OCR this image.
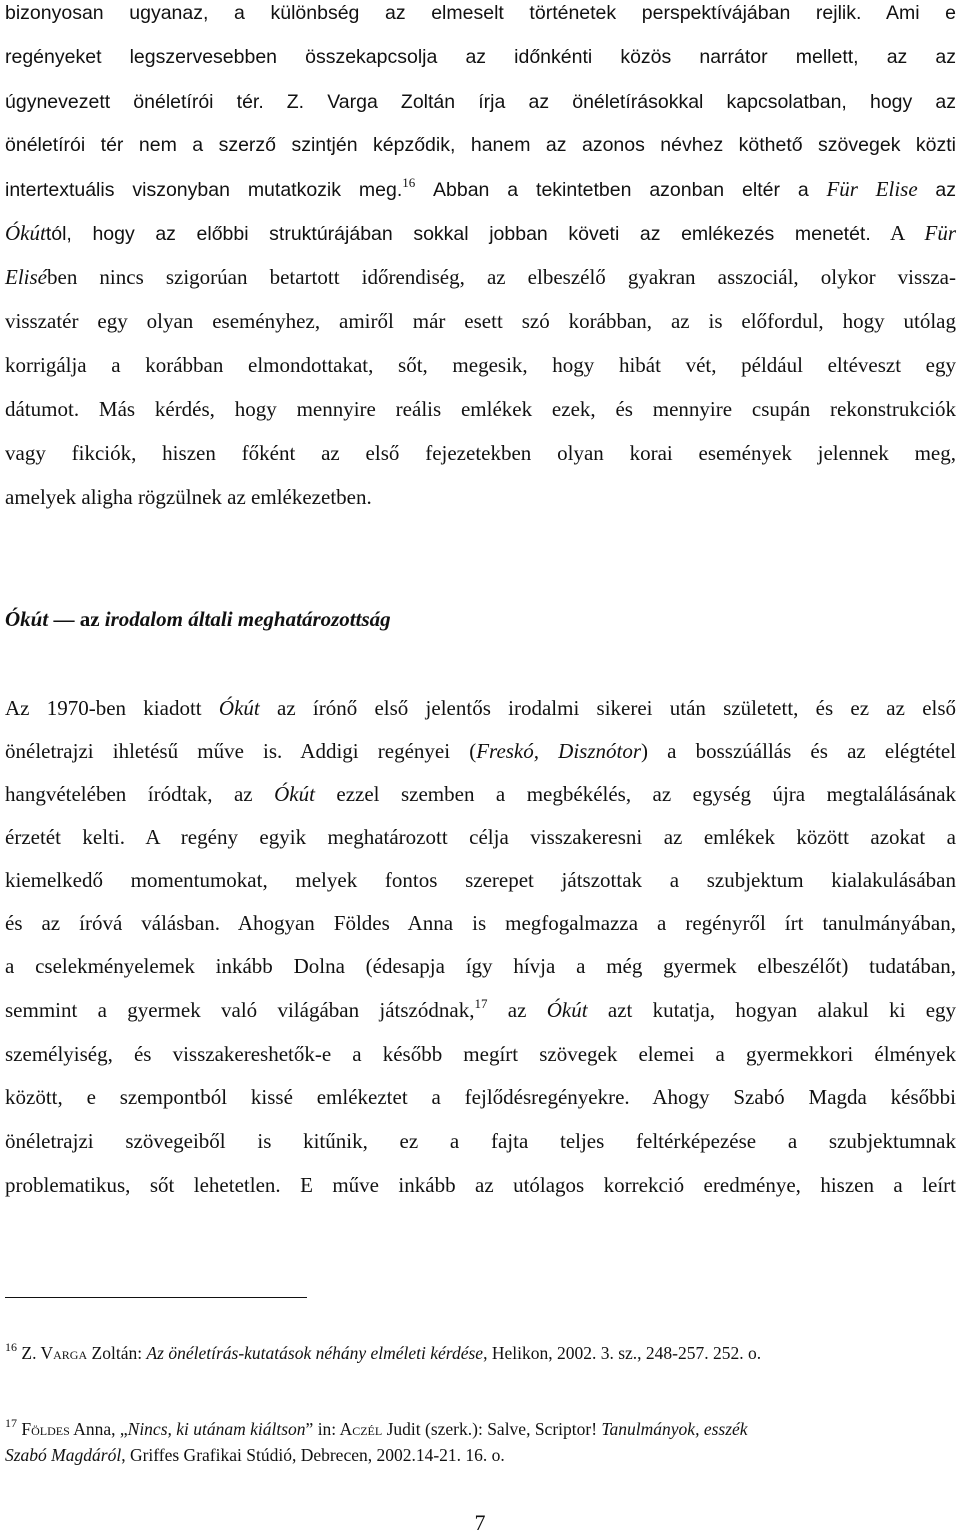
bizonyosan ugyanaz, a különbség az elmeselt történetek perspektívájában rejlik. Ami e
regényeket legszervesebben összekapcsolja az időnkénti közös narrátor mellett, az az
úgynevezett önéletírói tér. Z. Varga Zoltán írja az önéletírásokkal kapcsolatban, hogy az
önéletírói tér nem a szerző szintjén képződik, hanem az azonos névhez köthető szövegek közti
intertextuális viszonyban mutatkozik meg.$^{16}$ Abban a tekintetben azonban eltér a Für Elise az
Ókúttól, hogy az előbbi struktúrájában sokkal jobban követi az emlékezés menetét. A Für
Elisében nincs szigorúan betartott időrendiség, az elbeszélő gyakran asszociál, olykor vissza-
visszatér egy olyan eseményhez, amiről már esett szó korábban, az is előfordul, hogy utólag
korrigálja a korábban elmondottakat, sőt, megesik, hogy hibát vét, például eltéveszt egy
dátumot. Más kérdés, hogy mennyire reális emlékek ezek, és mennyire csupán rekonstrukciók
vagy fikciók, hiszen főként az első fejezetekben olyan korai események jelennek meg,
amelyek aligha rögzülnek az emlékezetben.
Ókút — az irodalom általi meghatározottság
Az 1970-ben kiadott Ókút az írónő első jelentős irodalmi sikerei után született, és ez az első
önéletrajzi ihletésű műve is. Addigi regényei (Freskó, Disznótor) a bosszúállás és az elégtétel
hangvételében íródtak, az Ókút ezzel szemben a megbékélés, az egység újra megtalálásának
érzetét kelti. A regény egyik meghatározott célja visszakeresni az emlékek között azokat a
kiemelkedő momentumokat, melyek fontos szerepet játszottak a szubjektum kialakulásában
és az íróvá válásban. Ahogyan Földes Anna is megfogalmazza a regényről írt tanulmányában,
a cselekményelemek inkább Dolna (édesapja így hívja a még gyermek elbeszélőt) tudatában,
semmint a gyermek való világában játszódnak,$^{17}$ az Ókút azt kutatja, hogyan alakul ki egy
személyiség, és visszakereshetők-e a később megírt szövegek elemei a gyermekkori élmények
között, e szempontból kissé emlékeztet a fejlődésregényekre. Ahogy Szabó Magda későbbi
önéletrajzi szövegeiből is kitűnik, ez a fajta teljes feltérképezése a szubjektumnak
problematikus, sőt lehetetlen. E műve inkább az utólagos korrekció eredménye, hiszen a leírt
$^{16}$ Z. Varga Zoltán: Az önéletírás-kutatások néhány elméleti kérdése, Helikon, 2002. 3. sz., 248-257. 252. o.
$^{17}$ Földes Anna, „Nincs, ki utánam kiáltson” in: Aczél Judit (szerk.): Salve, Scriptor! Tanulmányok, esszék
Szabó Magdáról, Griffes Grafikai Stúdió, Debrecen, 2002.14-21. 16. o.
7
